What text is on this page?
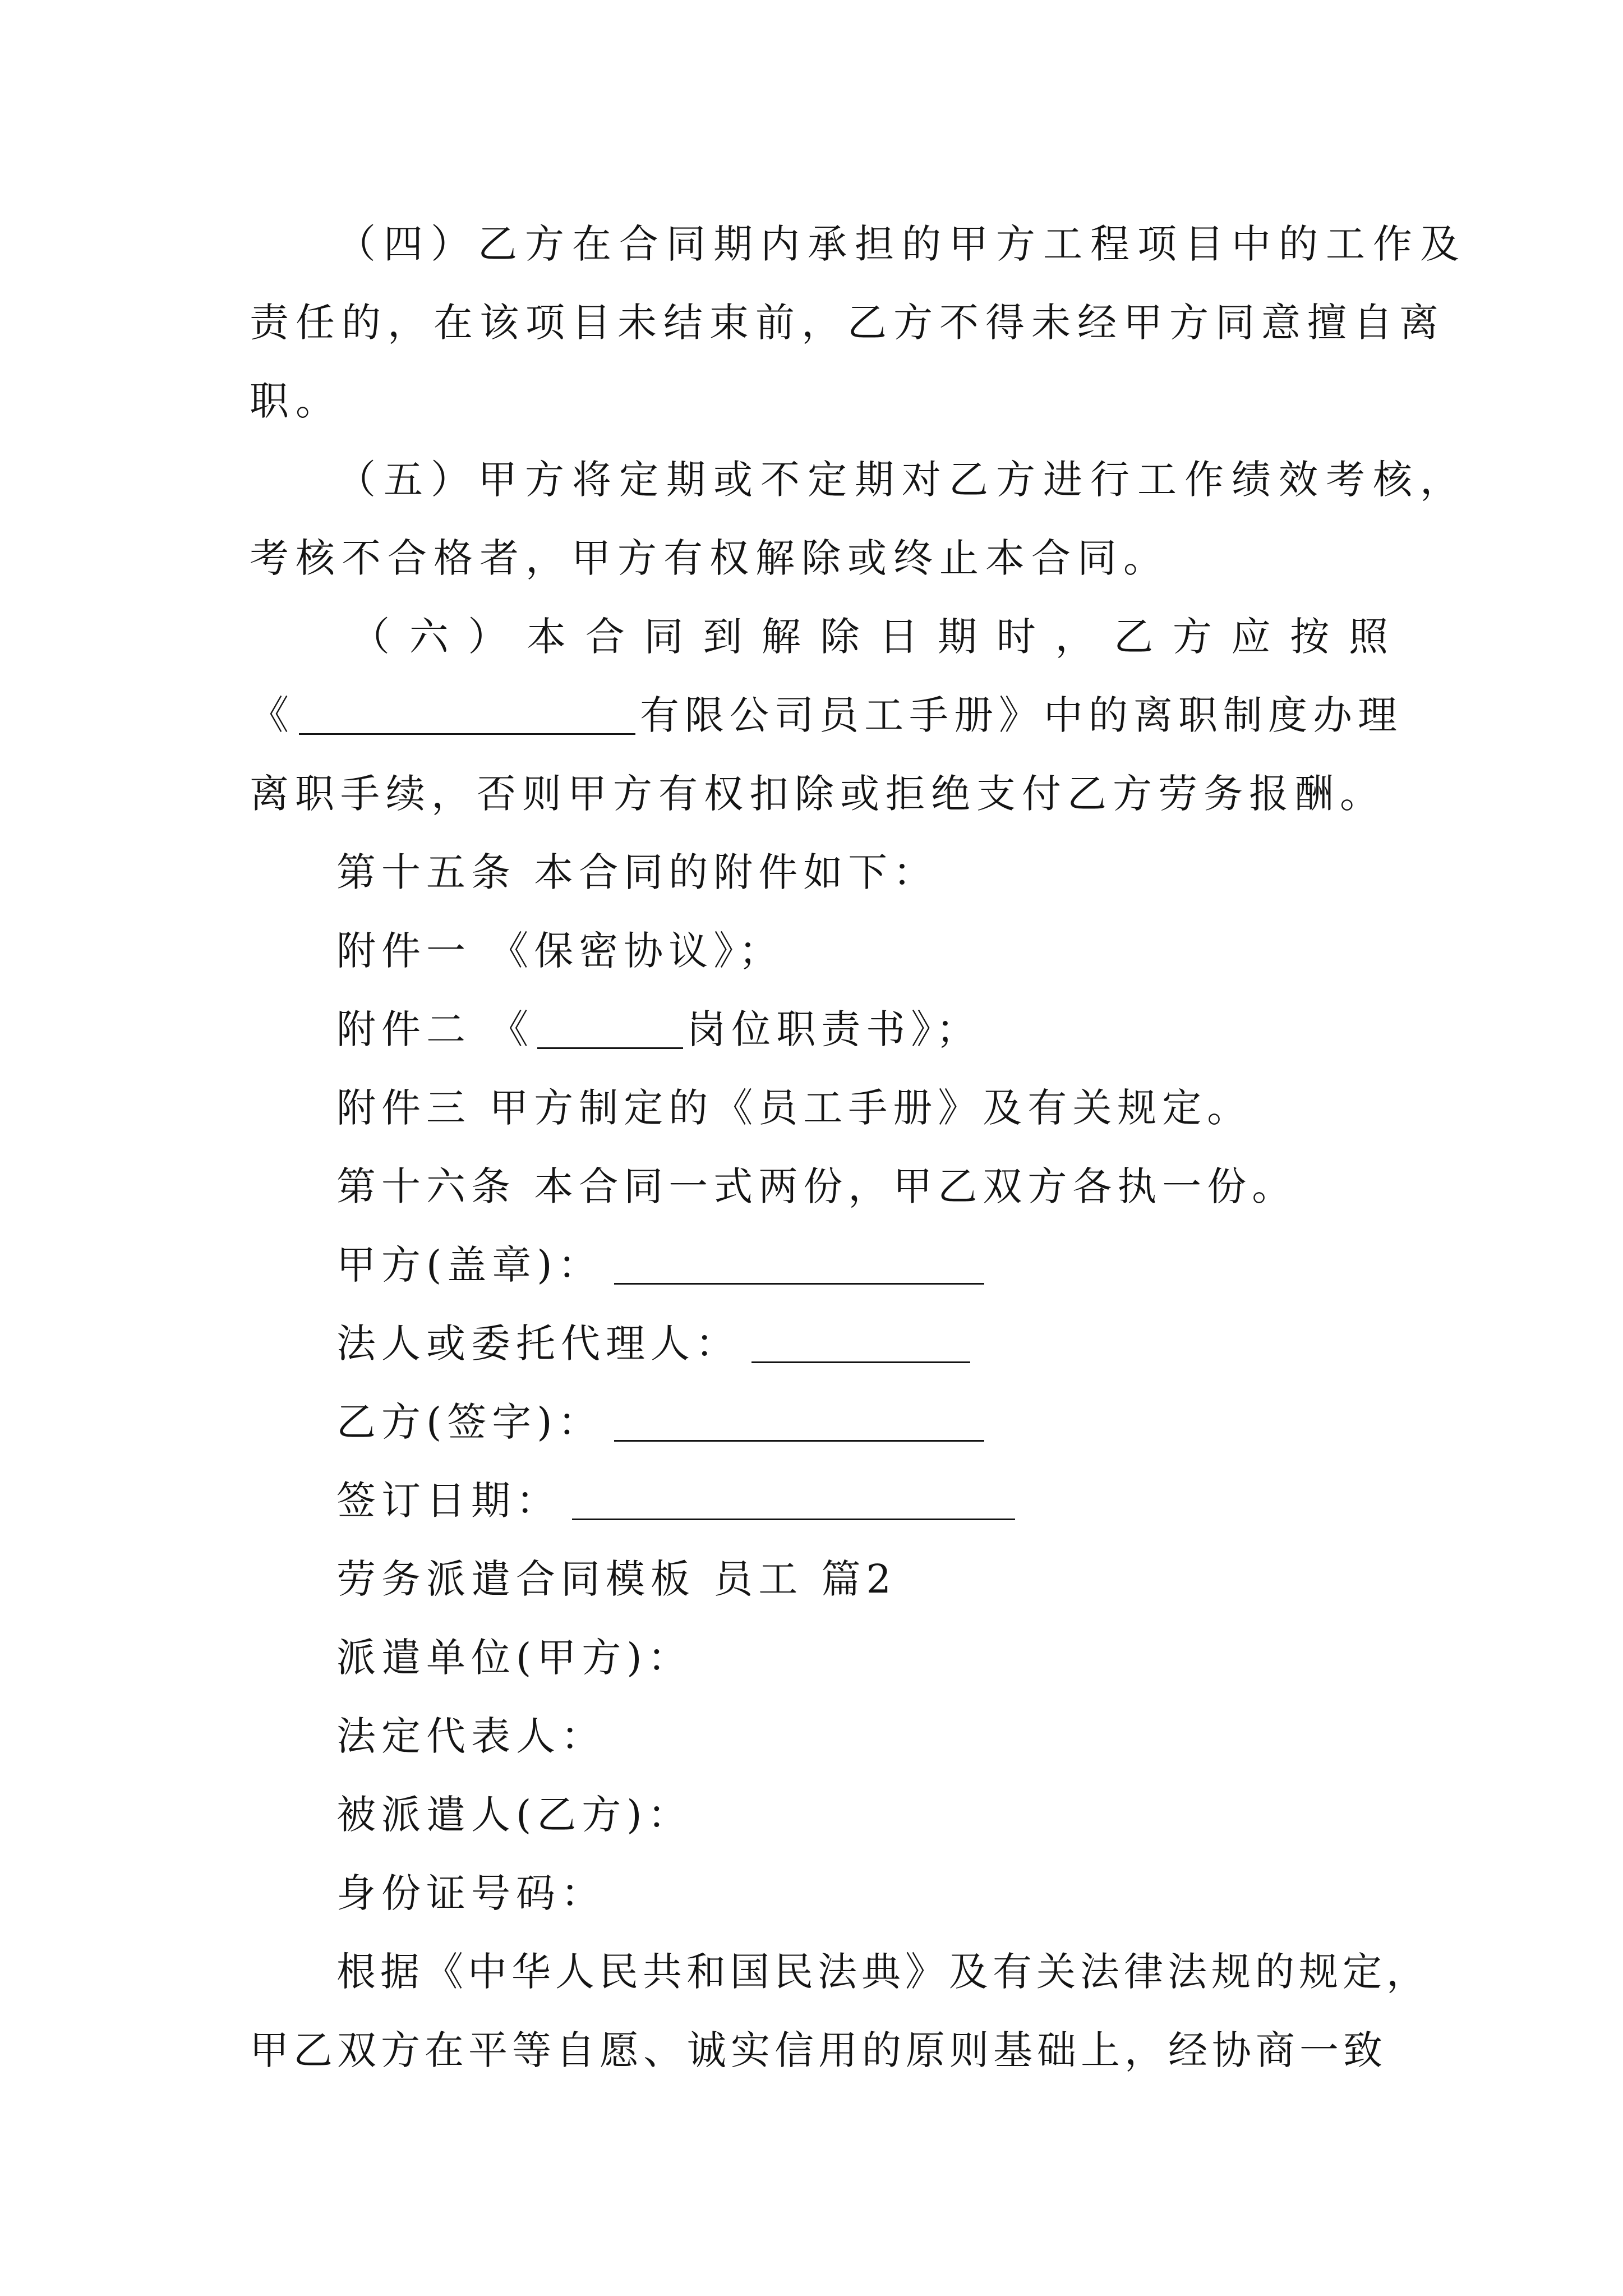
（四）乙方在合同期内承担的甲方工程项目中的工作及
责任的，在该项目未结束前，乙方不得未经甲方同意擅自离
职。
（五）甲方将定期或不定期对乙方进行工作绩效考核，
考核不合格者，甲方有权解除或终止本合同。
（ 六 ） 本 合 同 到 解 除 日 期 时 ， 乙 方 应 按 照
《	有限公司员工手册》中的离职制度办理
离职手续，否则甲方有权扣除或拒绝支付乙方劳务报酬。
第十五条 本合同的附件如下：
附件一 《保密协议》；
附件二 《	岗位职责书》；
附件三 甲方制定的《员工手册》及有关规定。
第十六条 本合同一式两份，甲乙双方各执一份。
甲方(盖章)：
法人或委托代理人：
乙方(签字)：
签订日期：
劳务派遣合同模板 员工 篇2
派遣单位(甲方)：
法定代表人：
被派遣人(乙方)：
身份证号码：
根据《中华人民共和国民法典》及有关法律法规的规定，
甲乙双方在平等自愿、诚实信用的原则基础上，经协商一致
